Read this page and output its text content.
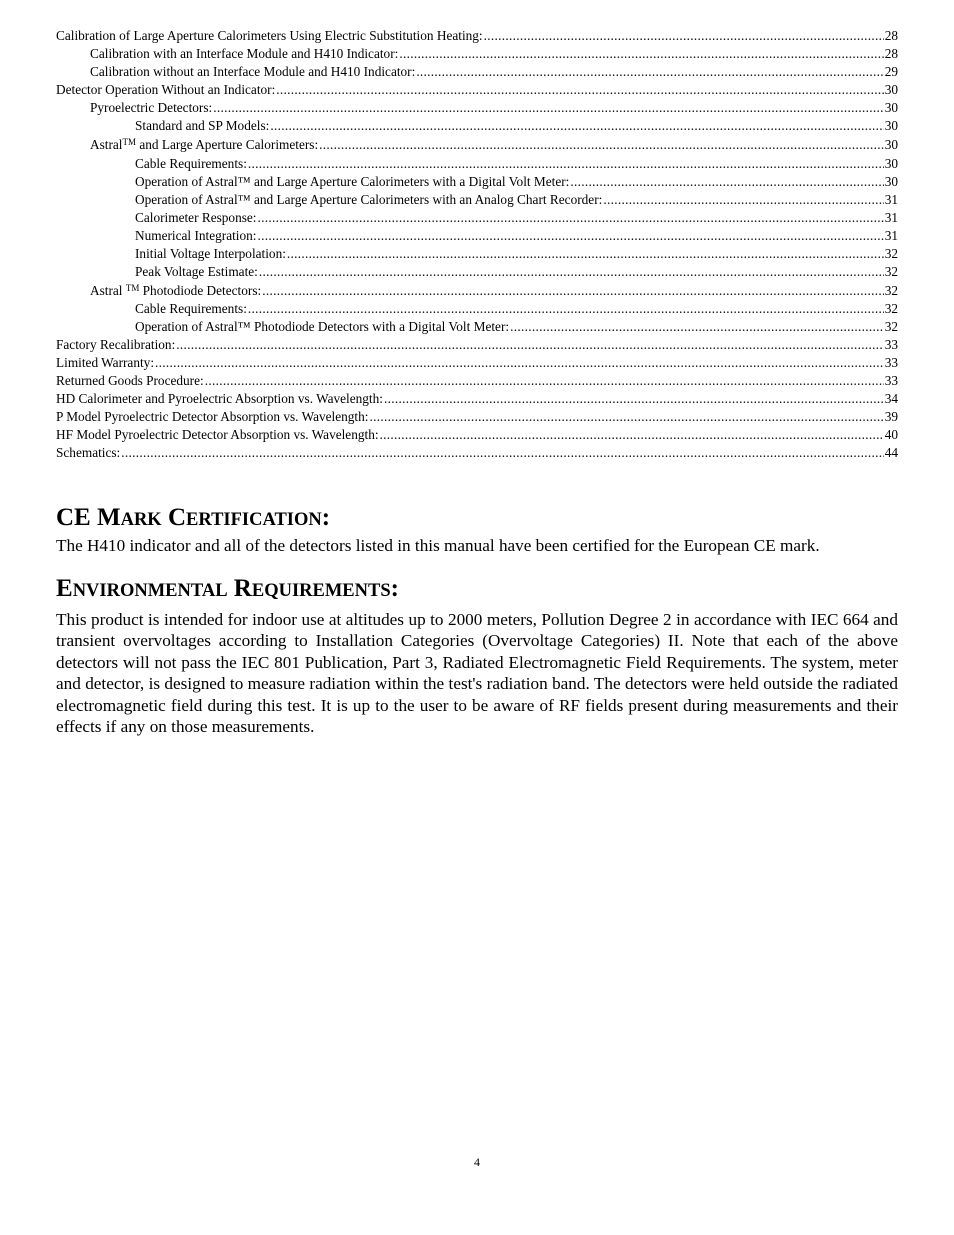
Calibration of Large Aperture Calorimeters Using Electric Substitution Heating: .....	28
Calibration with an Interface Module and H410 Indicator: .....	28
Calibration without an Interface Module and H410 Indicator: .....	29
Detector Operation Without an Indicator: .....	30
Pyroelectric Detectors: .....	30
Standard and SP Models: .....	30
Astral™ and Large Aperture Calorimeters: .....	30
Cable Requirements: .....	30
Operation of Astral™ and Large Aperture Calorimeters with a Digital Volt Meter: .....	30
Operation of Astral™ and Large Aperture Calorimeters with an Analog Chart Recorder: .....	31
Calorimeter Response: .....	31
Numerical Integration: .....	31
Initial Voltage Interpolation: .....	32
Peak Voltage Estimate: .....	32
Astral ™ Photodiode Detectors: .....	32
Cable Requirements: .....	32
Operation of Astral™ Photodiode Detectors with a Digital Volt Meter: .....	32
Factory Recalibration: .....	33
Limited Warranty: .....	33
Returned Goods Procedure: .....	33
HD Calorimeter and Pyroelectric Absorption vs. Wavelength: .....	34
P Model Pyroelectric Detector Absorption vs. Wavelength: .....	39
HF Model Pyroelectric Detector Absorption vs. Wavelength: .....	40
Schematics: .....	44
CE MARK CERTIFICATION:

The H410 indicator and all of the detectors listed in this manual have been certified for the European CE mark.

ENVIRONMENTAL REQUIREMENTS:

This product is intended for indoor use at altitudes up to 2000 meters, Pollution Degree 2 in accordance with IEC 664 and transient overvoltages according to Installation Categories (Overvoltage Categories) II. Note that each of the above detectors will not pass the IEC 801 Publication, Part 3, Radiated Electromagnetic Field Requirements. The system, meter and detector, is designed to measure radiation within the test's radiation band. The detectors were held outside the radiated electromagnetic field during this test. It is up to the user to be aware of RF fields present during measurements and their effects if any on those measurements.

4
